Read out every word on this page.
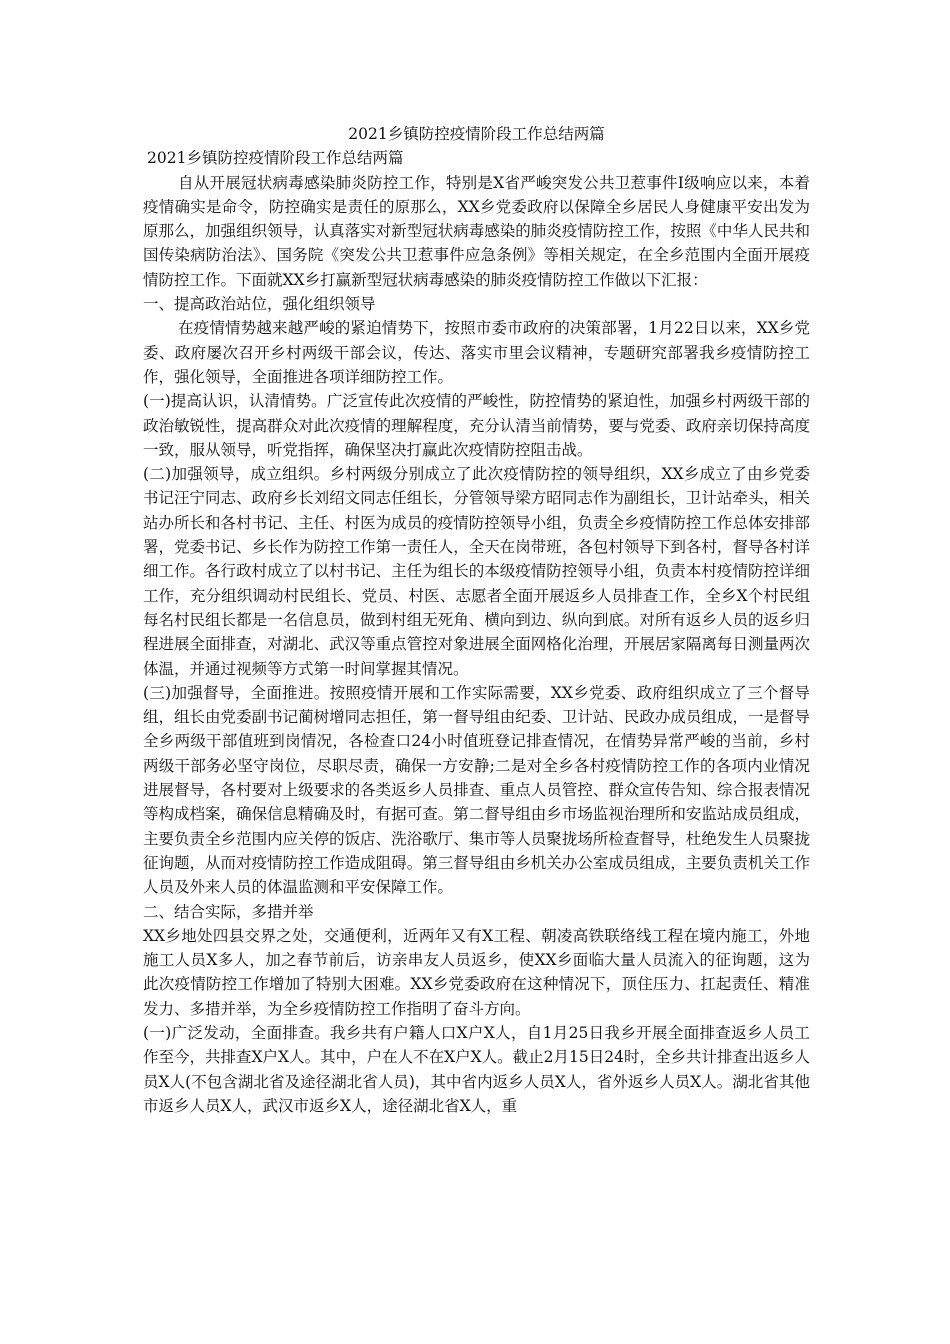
2021乡镇防控疫情阶段工作总结两篇

2021乡镇防控疫情阶段工作总结两篇

自从开展冠状病毒感染肺炎防控工作，特别是X省严峻突发公共卫惹事件Ⅰ级响应以来，本着疫情确实是命令，防控确实是责任的原那么，XX乡党委政府以保障全乡居民人身健康平安出发为原那么，加强组织领导，认真落实对新型冠状病毒感染的肺炎疫情防控工作，按照《中华人民共和国传染病防治法》、国务院《突发公共卫惹事件应急条例》等相关规定，在全乡范围内全面开展疫情防控工作。下面就XX乡打赢新型冠状病毒感染的肺炎疫情防控工作做以下汇报：

一、提高政治站位，强化组织领导

在疫情情势越来越严峻的紧迫情势下，按照市委市政府的决策部署，1月22日以来，XX乡党委、政府屡次召开乡村两级干部会议，传达、落实市里会议精神，专题研究部署我乡疫情防控工作，强化领导，全面推进各项详细防控工作。

(一)提高认识，认清情势。广泛宣传此次疫情的严峻性，防控情势的紧迫性，加强乡村两级干部的政治敏锐性，提高群众对此次疫情的理解程度，充分认清当前情势，要与党委、政府亲切保持高度一致，服从领导，听党指挥，确保坚决打赢此次疫情防控阻击战。

(二)加强领导，成立组织。乡村两级分别成立了此次疫情防控的领导组织，XX乡成立了由乡党委书记汪宁同志、政府乡长刘绍文同志任组长，分管领导梁方昭同志作为副组长，卫计站牵头，相关站办所长和各村书记、主任、村医为成员的疫情防控领导小组，负责全乡疫情防控工作总体安排部署，党委书记、乡长作为防控工作第一责任人，全天在岗带班，各包村领导下到各村，督导各村详细工作。各行政村成立了以村书记、主任为组长的本级疫情防控领导小组，负责本村疫情防控详细工作，充分组织调动村民组长、党员、村医、志愿者全面开展返乡人员排查工作，全乡X个村民组每名村民组长都是一名信息员，做到村组无死角、横向到边、纵向到底。对所有返乡人员的返乡归程进展全面排查，对湖北、武汉等重点管控对象进展全面网格化治理，开展居家隔离每日测量两次体温，并通过视频等方式第一时间掌握其情况。

(三)加强督导，全面推进。按照疫情开展和工作实际需要，XX乡党委、政府组织成立了三个督导组，组长由党委副书记蔺树增同志担任，第一督导组由纪委、卫计站、民政办成员组成，一是督导全乡两级干部值班到岗情况，各检查口24小时值班登记排查情况，在情势异常严峻的当前，乡村两级干部务必坚守岗位，尽职尽责，确保一方安静;二是对全乡各村疫情防控工作的各项内业情况进展督导，各村要对上级要求的各类返乡人员排查、重点人员管控、群众宣传告知、综合报表情况等构成档案，确保信息精确及时，有据可查。第二督导组由乡市场监视治理所和安监站成员组成，主要负责全乡范围内应关停的饭店、洗浴歌厅、集市等人员聚拢场所检查督导，杜绝发生人员聚拢征询题，从而对疫情防控工作造成阻碍。第三督导组由乡机关办公室成员组成，主要负责机关工作人员及外来人员的体温监测和平安保障工作。

二、结合实际，多措并举

XX乡地处四县交界之处，交通便利，近两年又有X工程、朝凌高铁联络线工程在境内施工，外地施工人员X多人，加之春节前后，访亲串友人员返乡，使XX乡面临大量人员流入的征询题，这为此次疫情防控工作增加了特别大困难。XX乡党委政府在这种情况下，顶住压力、扛起责任、精准发力、多措并举，为全乡疫情防控工作指明了奋斗方向。

(一)广泛发动，全面排查。我乡共有户籍人口X户X人，自1月25日我乡开展全面排查返乡人员工作至今，共排查X户X人。其中，户在人不在X户X人。截止2月15日24时，全乡共计排查出返乡人员X人(不包含湖北省及途径湖北省人员)，其中省内返乡人员X人，省外返乡人员X人。湖北省其他市返乡人员X人，武汉市返乡X人，途径湖北省X人，重
